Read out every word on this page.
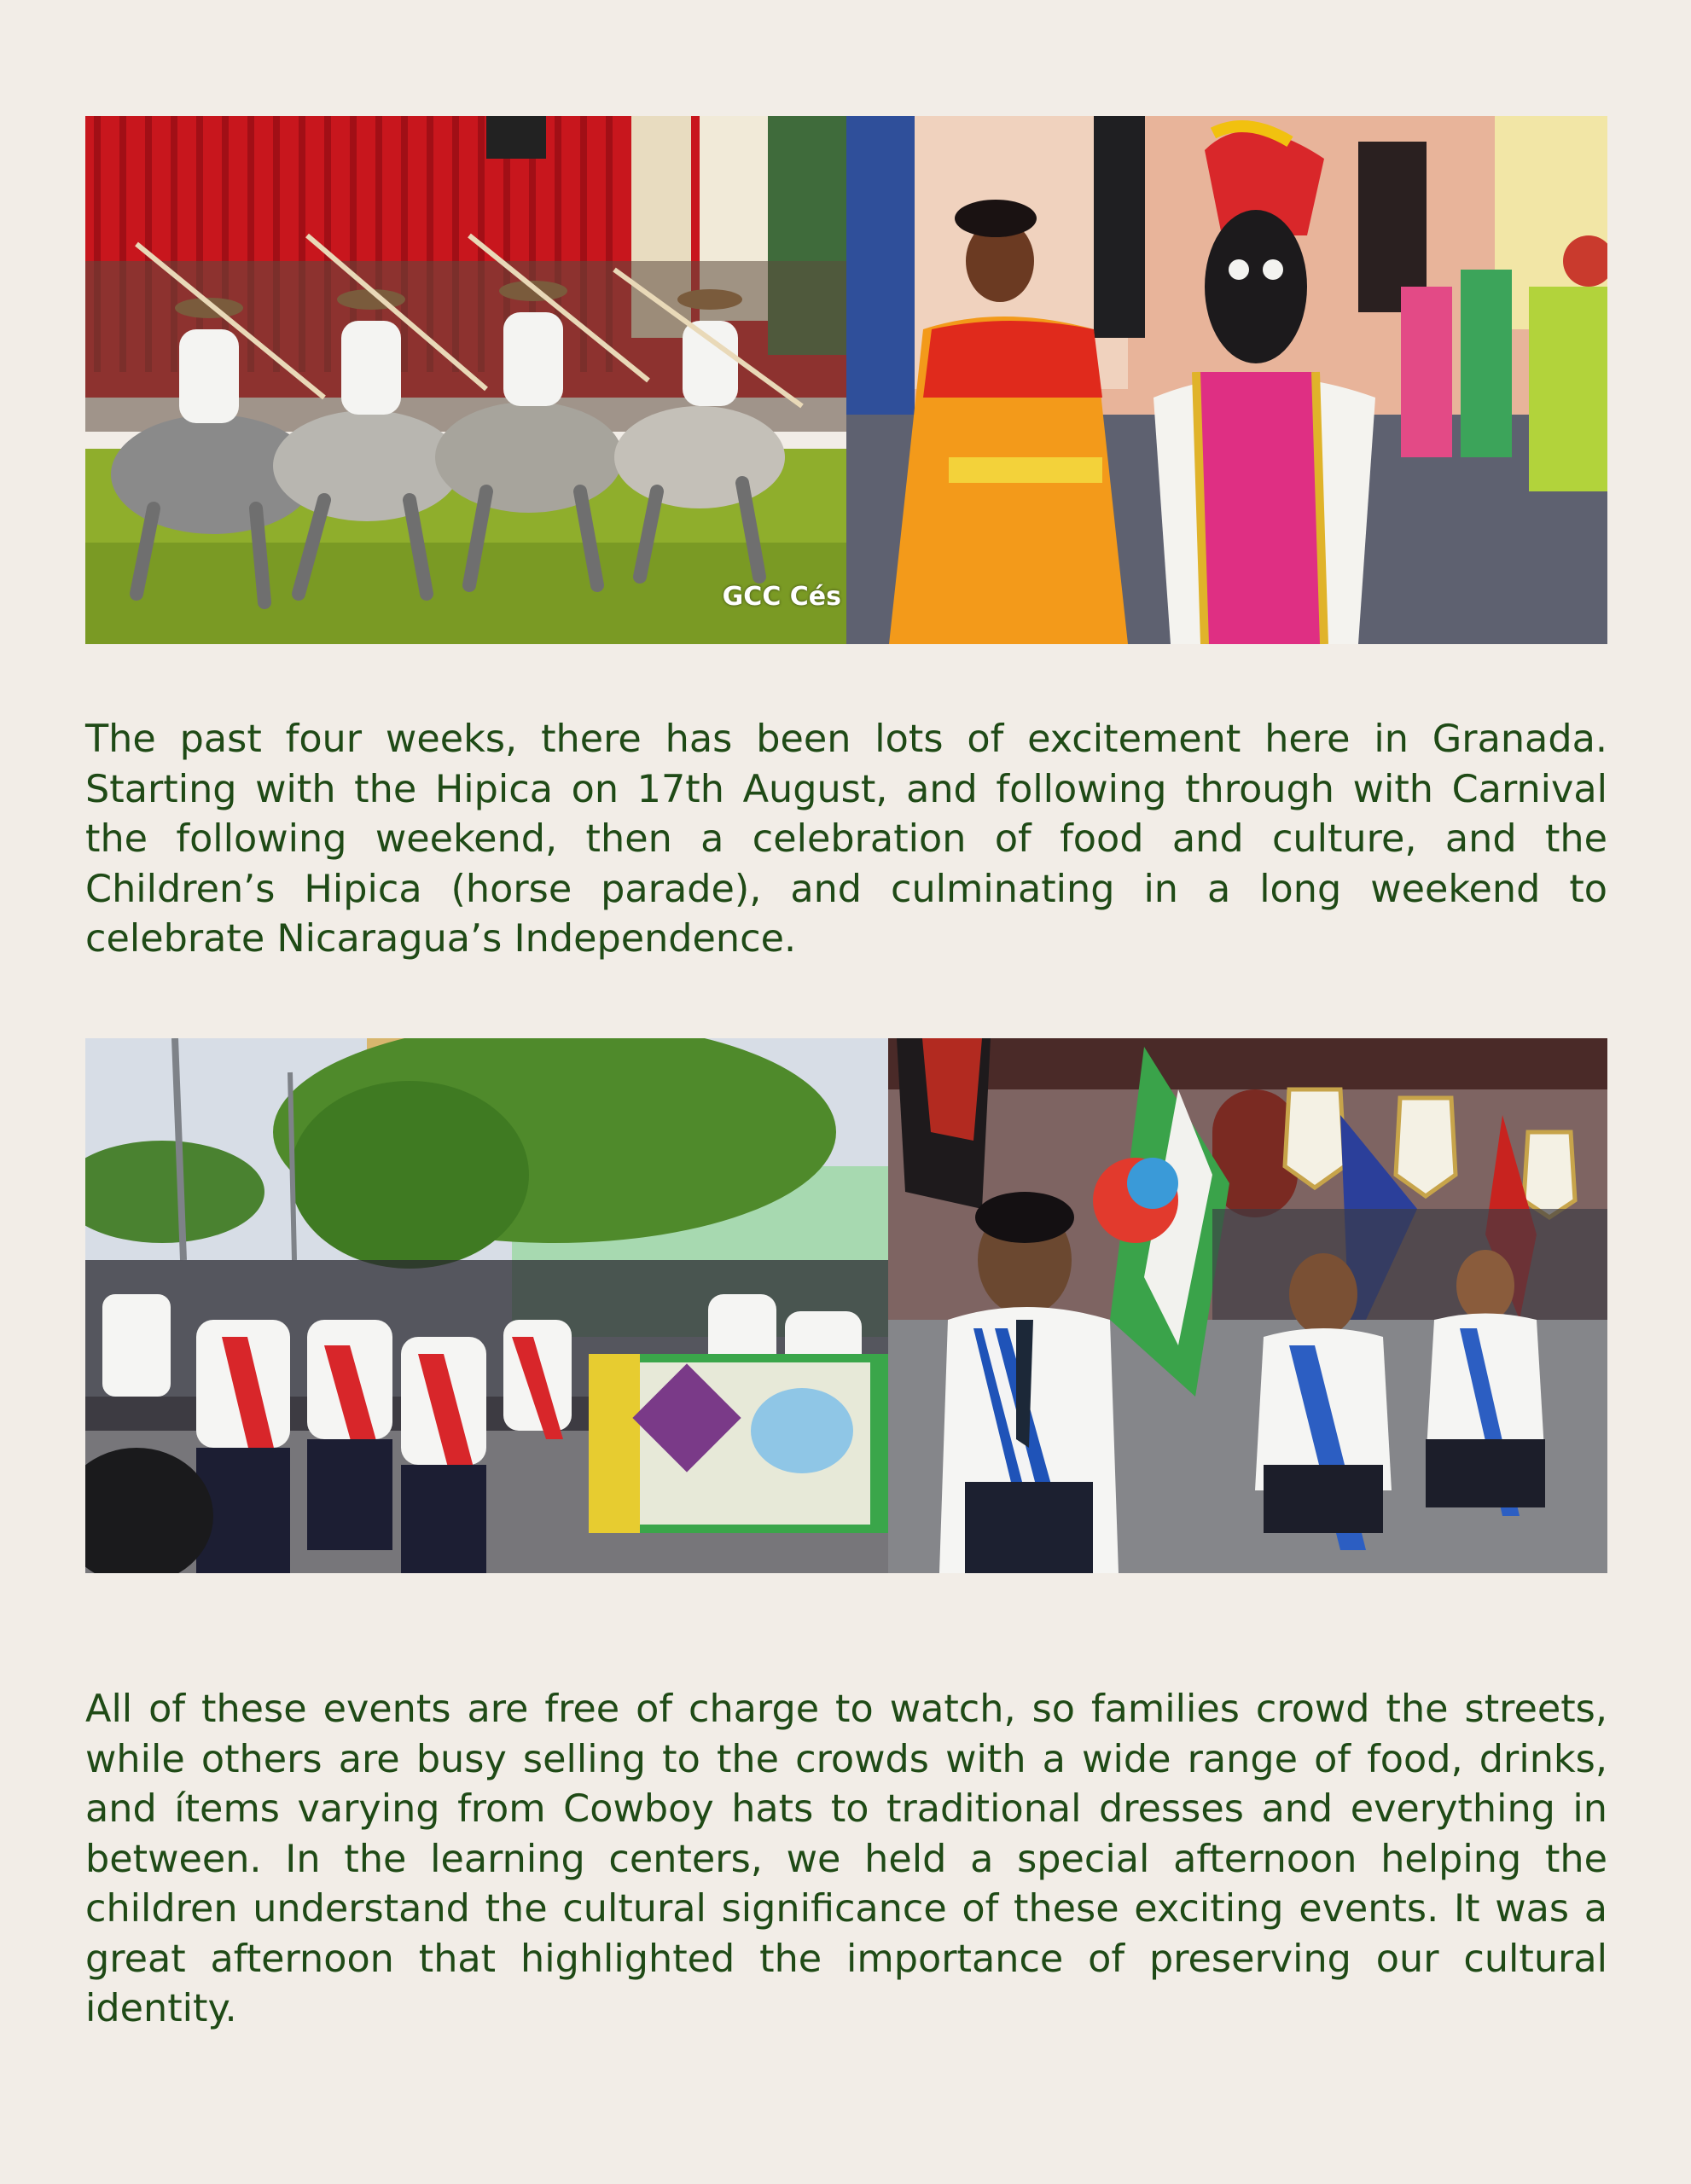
GCC Cés

The past four weeks, there has been lots of excitement here in Granada. Starting with the Hipica on 17th August, and following through with Carnival the following weekend, then a celebration of food and culture, and the Children’s Hipica (horse parade), and culminating in a long weekend to celebrate Nicaragua’s Independence.

All of these events are free of charge to watch, so families crowd the streets, while others are busy selling to the crowds with a wide range of food, drinks, and ítems varying from Cowboy hats to traditional dresses and everything in between. In the learning centers, we held a special afternoon helping the children understand the cultural significance of these exciting events. It was a great afternoon that highlighted the importance of preserving our cultural identity.
